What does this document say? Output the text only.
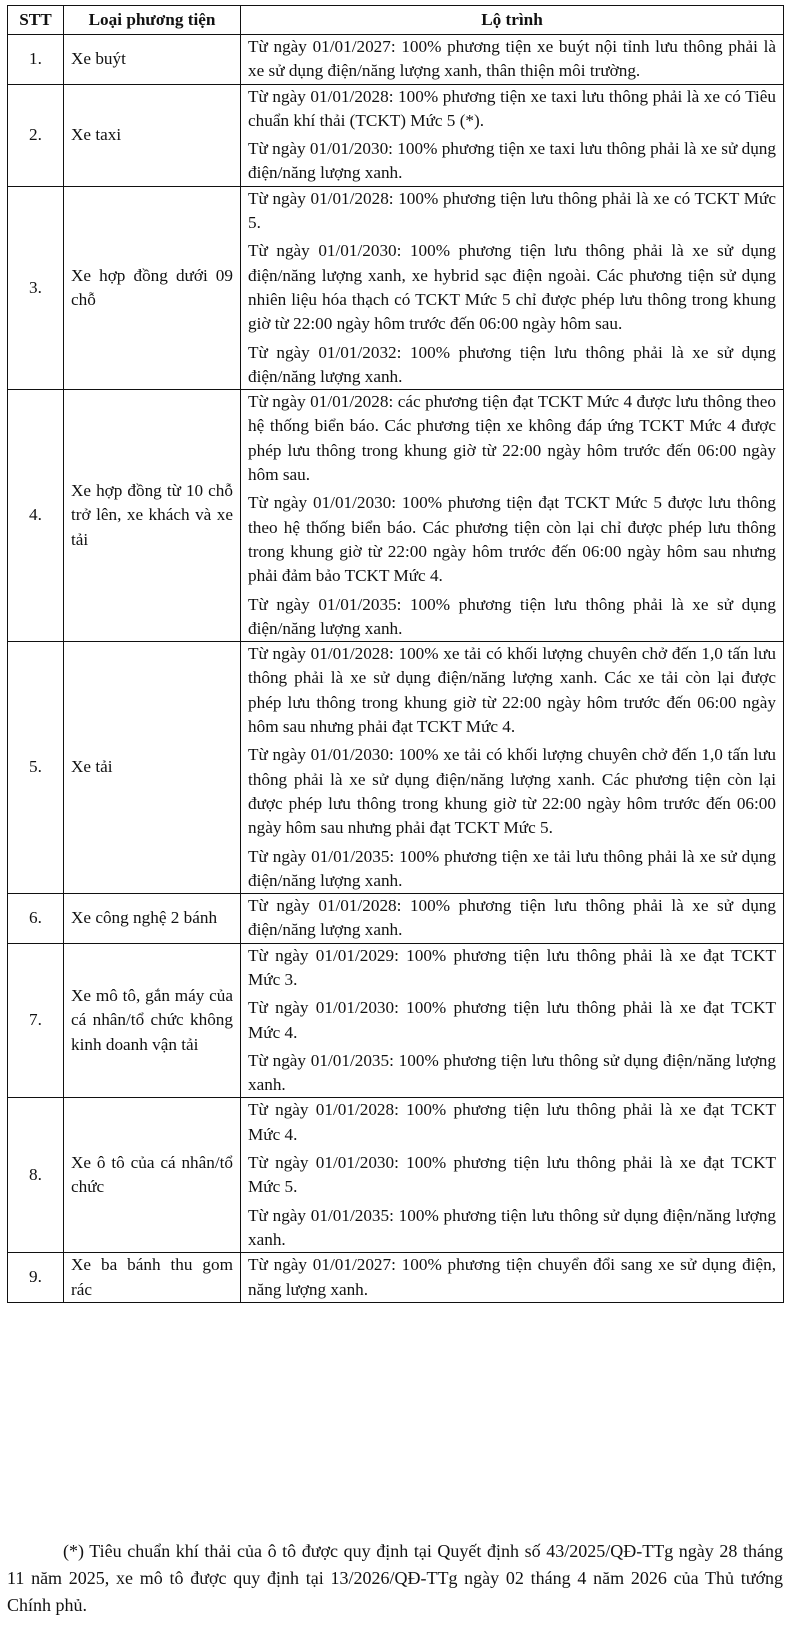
STT	Loại phương tiện	Lộ trình
1.	Xe buýt	Từ ngày 01/01/2027: 100% phương tiện xe buýt nội tỉnh lưu thông phải là xe sử dụng điện/năng lượng xanh, thân thiện môi trường.

2.	Xe taxi	Từ ngày 01/01/2028: 100% phương tiện xe taxi lưu thông phải là xe có Tiêu chuẩn khí thải (TCKT) Mức 5 (*).

Từ ngày 01/01/2030: 100% phương tiện xe taxi lưu thông phải là xe sử dụng điện/năng lượng xanh.

3.	Xe hợp đồng dưới 09 chỗ	Từ ngày 01/01/2028: 100% phương tiện lưu thông phải là xe có TCKT Mức 5.

Từ ngày 01/01/2030: 100% phương tiện lưu thông phải là xe sử dụng điện/năng lượng xanh, xe hybrid sạc điện ngoài. Các phương tiện sử dụng nhiên liệu hóa thạch có TCKT Mức 5 chỉ được phép lưu thông trong khung giờ từ 22:00 ngày hôm trước đến 06:00 ngày hôm sau.

Từ ngày 01/01/2032: 100% phương tiện lưu thông phải là xe sử dụng điện/năng lượng xanh.

4.	Xe hợp đồng từ 10 chỗ trở lên, xe khách và xe tải	Từ ngày 01/01/2028: các phương tiện đạt TCKT Mức 4 được lưu thông theo hệ thống biển báo. Các phương tiện xe không đáp ứng TCKT Mức 4 được phép lưu thông trong khung giờ từ 22:00 ngày hôm trước đến 06:00 ngày hôm sau.

Từ ngày 01/01/2030: 100% phương tiện đạt TCKT Mức 5 được lưu thông theo hệ thống biển báo. Các phương tiện còn lại chỉ được phép lưu thông trong khung giờ từ 22:00 ngày hôm trước đến 06:00 ngày hôm sau nhưng phải đảm bảo TCKT Mức 4.

Từ ngày 01/01/2035: 100% phương tiện lưu thông phải là xe sử dụng điện/năng lượng xanh.

5.	Xe tải	Từ ngày 01/01/2028: 100% xe tải có khối lượng chuyên chở đến 1,0 tấn lưu thông phải là xe sử dụng điện/năng lượng xanh. Các xe tải còn lại được phép lưu thông trong khung giờ từ 22:00 ngày hôm trước đến 06:00 ngày hôm sau nhưng phải đạt TCKT Mức 4.

Từ ngày 01/01/2030: 100% xe tải có khối lượng chuyên chở đến 1,0 tấn lưu thông phải là xe sử dụng điện/năng lượng xanh. Các phương tiện còn lại được phép lưu thông trong khung giờ từ 22:00 ngày hôm trước đến 06:00 ngày hôm sau nhưng phải đạt TCKT Mức 5.

Từ ngày 01/01/2035: 100% phương tiện xe tải lưu thông phải là xe sử dụng điện/năng lượng xanh.

6.	Xe công nghệ 2 bánh	Từ ngày 01/01/2028: 100% phương tiện lưu thông phải là xe sử dụng điện/năng lượng xanh.

7.	Xe mô tô, gắn máy của cá nhân/tổ chức không kinh doanh vận tải	Từ ngày 01/01/2029: 100% phương tiện lưu thông phải là xe đạt TCKT Mức 3.

Từ ngày 01/01/2030: 100% phương tiện lưu thông phải là xe đạt TCKT Mức 4.

Từ ngày 01/01/2035: 100% phương tiện lưu thông sử dụng điện/năng lượng xanh.

8.	Xe ô tô của cá nhân/tổ chức	Từ ngày 01/01/2028: 100% phương tiện lưu thông phải là xe đạt TCKT Mức 4.

Từ ngày 01/01/2030: 100% phương tiện lưu thông phải là xe đạt TCKT Mức 5.

Từ ngày 01/01/2035: 100% phương tiện lưu thông sử dụng điện/năng lượng xanh.

9.	Xe ba bánh thu gom rác	Từ ngày 01/01/2027: 100% phương tiện chuyển đổi sang xe sử dụng điện, năng lượng xanh.

(*) Tiêu chuẩn khí thải của ô tô được quy định tại Quyết định số 43/2025/QĐ-TTg ngày 28 tháng 11 năm 2025, xe mô tô được quy định tại 13/2026/QĐ-TTg ngày 02 tháng 4 năm 2026 của Thủ tướng Chính phủ.
